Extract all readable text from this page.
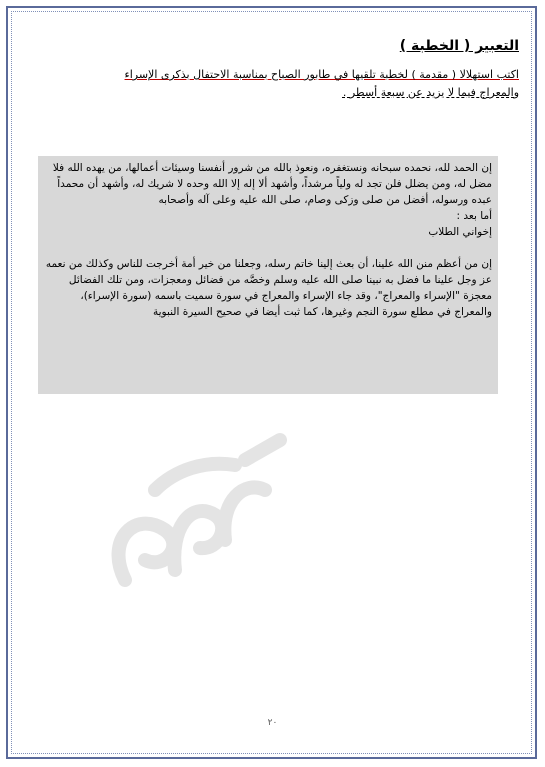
التعبير ( الخطبة )

اكتب استهلالا ( مقدمة ) لخطبة تلقيها في طابور الصباح بمناسبة الاحتفال بذكرى الإسراء

والمعراج فيما لا يزيد عن سبعة أسطر .

إن الحمد لله، نحمده سبحانه ونستغفره، ونعوذ بالله من شرور أنفسنا وسيئات أعمالها، من يهده الله فلا مضل له، ومن يضلل فلن تجد له ولياً مرشداً، وأشهد ألا إله إلا الله وحده لا شريك له، وأشهد أن محمداً عبده ورسوله، أفضل من صلى وزكى وصام، صلى الله عليه وعلى آله وأصحابه

أما بعد :

إخواني الطلاب

إن من أعظم منن الله علينا، أن بعث إلينا خاتم رسله، وجعلنا من خير أمة أخرجت للناس وكذلك من نعمه عز وجل علينا ما فضل به نبينا صلى الله عليه وسلم وخصَّه من فضائل ومعجزات، ومن تلك الفضائل معجزة "الإسراء والمعراج"، وقد جاء الإسراء والمعراج في سورة سميت باسمه (سورة الإسراء)، والمعراج في مطلع سورة النجم وغيرها، كما ثبت أيضا في صحيح السيرة النبوية

٢٠
